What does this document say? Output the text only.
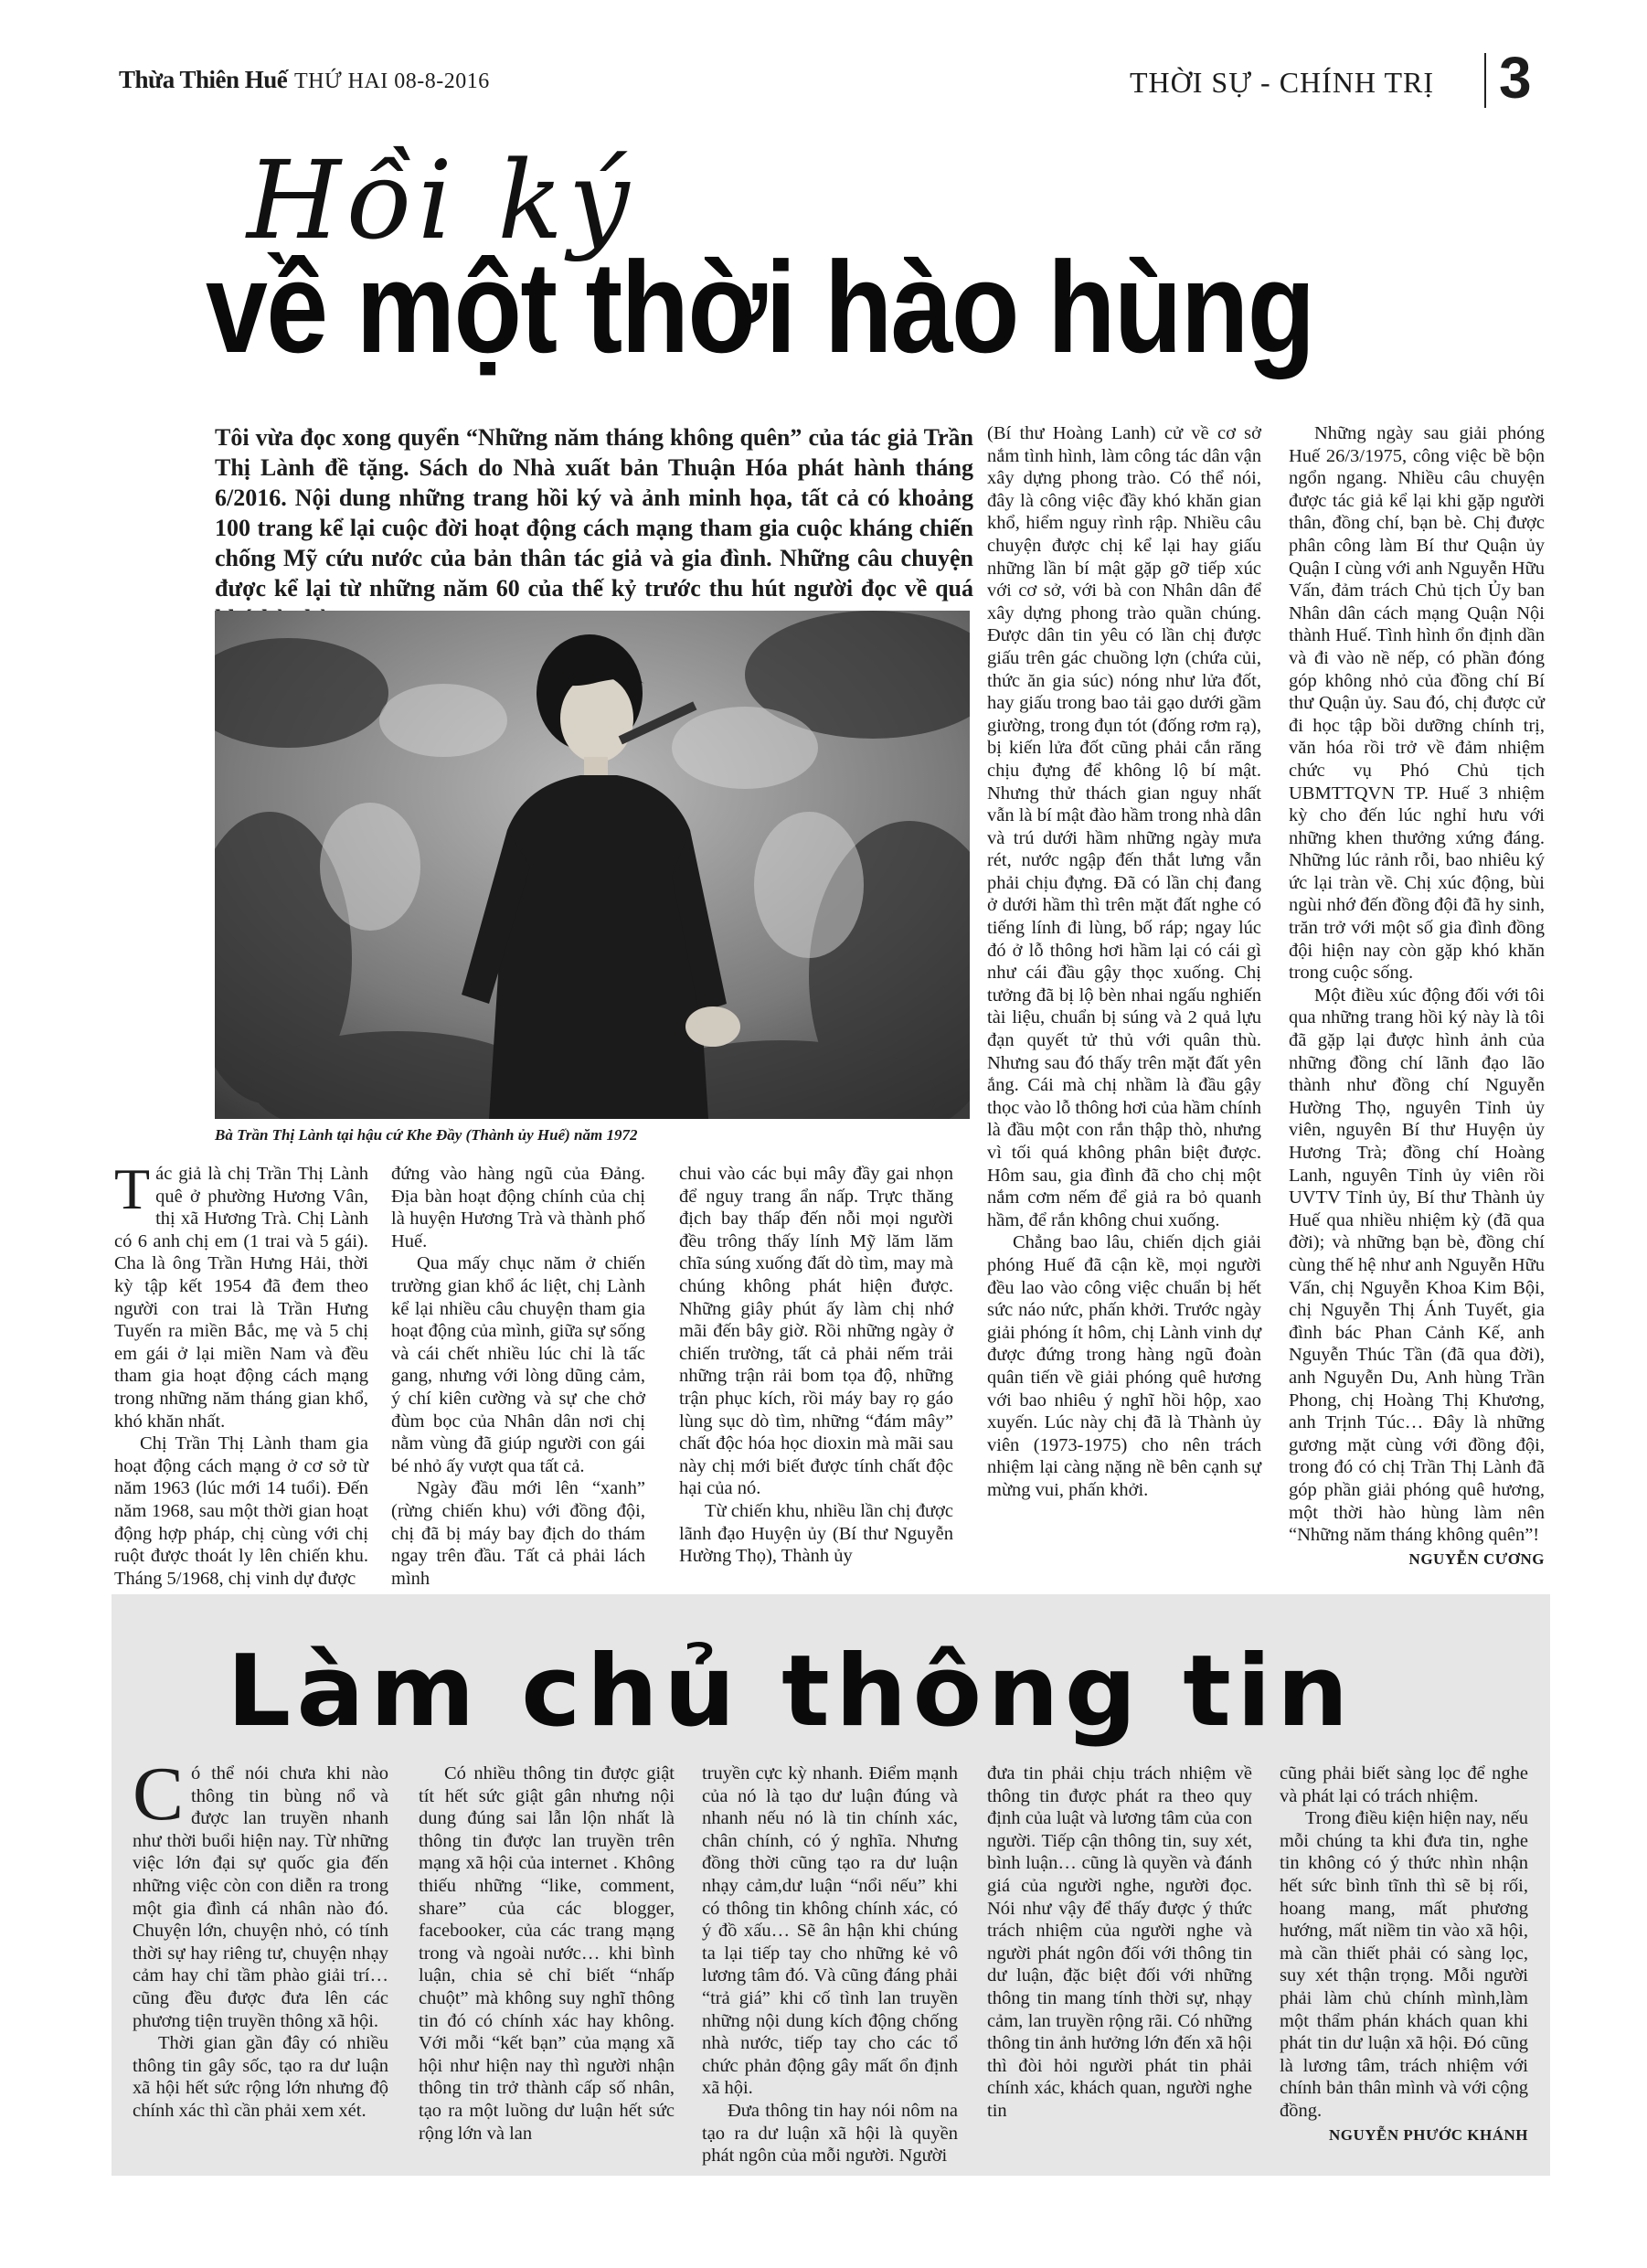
Thừa Thiên Huế THỨ HAI 08-8-2016	THỜI SỰ - CHÍNH TRỊ 3
Hồi ký
về một thời hào hùng
Tôi vừa đọc xong quyển “Những năm tháng không quên” của tác giả Trần Thị Lành đề tặng. Sách do Nhà xuất bản Thuận Hóa phát hành tháng 6/2016. Nội dung những trang hồi ký và ảnh minh họa, tất cả có khoảng 100 trang kể lại cuộc đời hoạt động cách mạng tham gia cuộc kháng chiến chống Mỹ cứu nước của bản thân tác giả và gia đình. Những câu chuyện được kể lại từ những năm 60 của thế kỷ trước thu hút người đọc về quá
Bà Trần Thị Lành tại hậu cứ Khe Đầy (Thành ủy Huế) năm 1972

Tác giả là chị Trần Thị Lành quê ở phường Hương Vân, thị xã Hương Trà. Chị Lành có 6 anh chị em (1 trai và 5 gái). Cha là ông Trần Hưng Hải, thời kỳ tập kết 1954 đã đem theo người con trai là Trần Hưng Tuyến ra miền Bắc, mẹ và 5 chị em gái ở lại miền Nam và đều tham gia hoạt động cách mạng trong những năm tháng gian khổ, khó khăn nhất.

Chị Trần Thị Lành tham gia hoạt động cách mạng ở cơ sở từ năm 1963 (lúc mới 14 tuổi). Đến năm 1968, sau một thời gian hoạt động hợp pháp, chị cùng với chị ruột được thoát ly lên chiến khu. Tháng 5/1968, chị vinh dự được

đứng vào hàng ngũ của Đảng. Địa bàn hoạt động chính của chị là huyện Hương Trà và thành phố Huế.

Qua mấy chục năm ở chiến trường gian khổ ác liệt, chị Lành kể lại nhiều câu chuyện tham gia hoạt động của mình, giữa sự sống và cái chết nhiều lúc chỉ là tấc gang, nhưng với lòng dũng cảm, ý chí kiên cường và sự che chở đùm bọc của Nhân dân nơi chị nằm vùng đã giúp người con gái bé nhỏ ấy vượt qua tất cả.

Ngày đầu mới lên “xanh” (rừng chiến khu) với đồng đội, chị đã bị máy bay địch do thám ngay trên đầu. Tất cả phải lách mình

chui vào các bụi mây đầy gai nhọn để nguy trang ẩn nấp. Trực thăng địch bay thấp đến nỗi mọi người đều trông thấy lính Mỹ lăm lăm chĩa súng xuống đất dò tìm, may mà chúng không phát hiện được. Những giây phút ấy làm chị nhớ mãi đến bây giờ. Rồi những ngày ở chiến trường, tất cả phải nếm trải những trận rải bom tọa độ, những trận phục kích, rồi máy bay rọ gáo lùng sục dò tìm, những “đám mây” chất độc hóa học dioxin mà mãi sau này chị mới biết được tính chất độc hại của nó.

Từ chiến khu, nhiều lần chị được lãnh đạo Huyện ủy (Bí thư Nguyễn Hường Thọ), Thành ủy

(Bí thư Hoàng Lanh) cử về cơ sở nắm tình hình, làm công tác dân vận xây dựng phong trào. Có thể nói, đây là công việc đầy khó khăn gian khổ, hiểm nguy rình rập. Nhiều câu chuyện được chị kể lại hay giấu những lần bí mật gặp gỡ tiếp xúc với cơ sở, với bà con Nhân dân để xây dựng phong trào quần chúng. Được dân tin yêu có lần chị được giấu trên gác chuồng lợn (chứa củi, thức ăn gia súc) nóng như lửa đốt, hay giấu trong bao tải gạo dưới gầm giường, trong đụn tót (đống rơm rạ), bị kiến lửa đốt cũng phải cắn răng chịu đựng để không lộ bí mật. Nhưng thử thách gian nguy nhất vẫn là bí mật đào hầm trong nhà dân và trú dưới hầm những ngày mưa rét, nước ngập đến thắt lưng vẫn phải chịu đựng. Đã có lần chị đang ở dưới hầm thì trên mặt đất nghe có tiếng lính đi lùng, bố ráp; ngay lúc đó ở lỗ thông hơi hầm lại có cái gì như cái đầu gậy thọc xuống. Chị tưởng đã bị lộ bèn nhai ngấu nghiến tài liệu, chuẩn bị súng và 2 quả lựu đạn quyết tử thủ với quân thù. Nhưng sau đó thấy trên mặt đất yên ắng. Cái mà chị nhầm là đầu gậy thọc vào lỗ thông hơi của hầm chính là đầu một con rắn thập thò, nhưng vì tối quá không phân biệt được. Hôm sau, gia đình đã cho chị một nắm cơm nếm để giả ra bỏ quanh hầm, để rắn không chui xuống.

Chẳng bao lâu, chiến dịch giải phóng Huế đã cận kề, mọi người đều lao vào công việc chuẩn bị hết sức náo nức, phấn khởi. Trước ngày giải phóng ít hôm, chị Lành vinh dự được đứng trong hàng ngũ đoàn quân tiến về giải phóng quê hương với bao nhiêu ý nghĩ hồi hộp, xao xuyến. Lúc này chị đã là Thành ủy viên (1973-1975) cho nên trách nhiệm lại càng nặng nề bên cạnh sự mừng vui, phấn khởi.

Những ngày sau giải phóng Huế 26/3/1975, công việc bề bộn ngổn ngang. Nhiều câu chuyện được tác giả kể lại khi gặp người thân, đồng chí, bạn bè. Chị được phân công làm Bí thư Quận ủy Quận I cùng với anh Nguyễn Hữu Vấn, đảm trách Chủ tịch Ủy ban Nhân dân cách mạng Quận Nội thành Huế. Tình hình ổn định dần và đi vào nề nếp, có phần đóng góp không nhỏ của đồng chí Bí thư Quận ủy. Sau đó, chị được cử đi học tập bồi dưỡng chính trị, văn hóa rồi trở về đảm nhiệm chức vụ Phó Chủ tịch UBMTTQVN TP. Huế 3 nhiệm kỳ cho đến lúc nghỉ hưu với những khen thưởng xứng đáng. Những lúc rảnh rỗi, bao nhiêu ký ức lại tràn về. Chị xúc động, bùi ngùi nhớ đến đồng đội đã hy sinh, trăn trở với một số gia đình đồng đội hiện nay còn gặp khó khăn trong cuộc sống.

Một điều xúc động đối với tôi qua những trang hồi ký này là tôi đã gặp lại được hình ảnh của những đồng chí lãnh đạo lão thành như đồng chí Nguyễn Hường Thọ, nguyên Tỉnh ủy viên, nguyên Bí thư Huyện ủy Hương Trà; đồng chí Hoàng Lanh, nguyên Tỉnh ủy viên rồi UVTV Tỉnh ủy, Bí thư Thành ủy Huế qua nhiều nhiệm kỳ (đã qua đời); và những bạn bè, đồng chí cùng thế hệ như anh Nguyễn Hữu Vấn, chị Nguyễn Khoa Kim Bội, chị Nguyễn Thị Ánh Tuyết, gia đình bác Phan Cảnh Kế, anh Nguyễn Thúc Tần (đã qua đời), anh Nguyễn Du, Anh hùng Trần Phong, chị Hoàng Thị Khương, anh Trịnh Túc… Đây là những gương mặt cùng với đồng đội, trong đó có chị Trần Thị Lành đã góp phần giải phóng quê hương, một thời hào hùng làm nên “Những năm tháng không quên”!

NGUYỄN CƯƠNG
Làm chủ thông tin

Có thể nói chưa khi nào thông tin bùng nổ và được lan truyền nhanh như thời buổi hiện nay. Từ những việc lớn đại sự quốc gia đến những việc còn con diễn ra trong một gia đình cá nhân nào đó. Chuyện lớn, chuyện nhỏ, có tính thời sự hay riêng tư, chuyện nhạy cảm hay chỉ tầm phào giải trí… cũng đều được đưa lên các phương tiện truyền thông xã hội.

Thời gian gần đây có nhiều thông tin gây sốc, tạo ra dư luận xã hội hết sức rộng lớn nhưng độ chính xác thì cần phải xem xét.

Có nhiều thông tin được giật tít hết sức giật gân nhưng nội dung đúng sai lẫn lộn nhất là thông tin được lan truyền trên mạng xã hội của internet . Không thiếu những “like, comment, share” của các blogger, facebooker, của các trang mạng trong và ngoài nước… khi bình luận, chia sẻ chỉ biết “nhấp chuột” mà không suy nghĩ thông tin đó có chính xác hay không. Với mỗi “kết bạn” của mạng xã hội như hiện nay thì người nhận thông tin trở thành cấp số nhân, tạo ra một luồng dư luận hết sức rộng lớn và lan

truyền cực kỳ nhanh. Điểm mạnh của nó là tạo dư luận đúng và nhanh nếu nó là tin chính xác, chân chính, có ý nghĩa. Nhưng đồng thời cũng tạo ra dư luận nhạy cảm,dư luận “nổi nếu” khi có thông tin không chính xác, có ý đồ xấu… Sẽ ân hận khi chúng ta lại tiếp tay cho những kẻ vô lương tâm đó. Và cũng đáng phải “trả giá” khi cố tình lan truyền những nội dung kích động chống nhà nước, tiếp tay cho các tổ chức phản động gây mất ổn định xã hội.

Đưa thông tin hay nói nôm na tạo ra dư luận xã hội là quyền phát ngôn của mỗi người. Người

đưa tin phải chịu trách nhiệm về thông tin được phát ra theo quy định của luật và lương tâm của con người. Tiếp cận thông tin, suy xét, bình luận… cũng là quyền và đánh giá của người nghe, người đọc. Nói như vậy để thấy được ý thức trách nhiệm của người nghe và người phát ngôn đối với thông tin dư luận, đặc biệt đối với những thông tin mang tính thời sự, nhạy cảm, lan truyền rộng rãi. Có những thông tin ảnh hưởng lớn đến xã hội thì đòi hỏi người phát tin phải chính xác, khách quan, người nghe tin

cũng phải biết sàng lọc để nghe và phát lại có trách nhiệm.

Trong điều kiện hiện nay, nếu mỗi chúng ta khi đưa tin, nghe tin không có ý thức nhìn nhận hết sức bình tĩnh thì sẽ bị rối, hoang mang, mất phương hướng, mất niềm tin vào xã hội, mà cần thiết phải có sàng lọc, suy xét thận trọng. Mỗi người phải làm chủ chính mình,làm một thẩm phán khách quan khi phát tin dư luận xã hội. Đó cũng là lương tâm, trách nhiệm với chính bản thân mình và với cộng đồng.

NGUYỄN PHƯỚC KHÁNH
